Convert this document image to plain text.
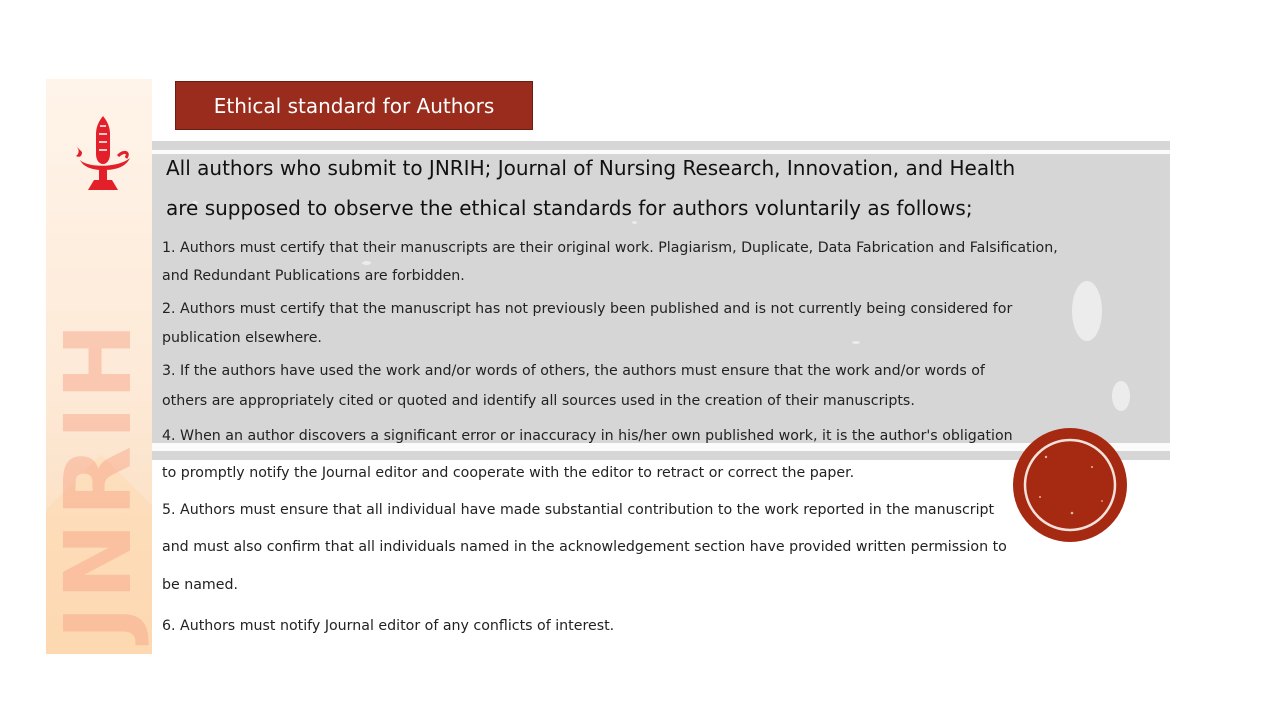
JNRIH
Ethical standard for Authors

All authors who submit to JNRIH; Journal of Nursing Research, Innovation, and Health

are supposed to observe the ethical standards for authors voluntarily as follows;

1. Authors must certify that their manuscripts are their original work. Plagiarism, Duplicate, Data Fabrication and Falsification,
and Redundant Publications are forbidden.
2. Authors must certify that the manuscript has not previously been published and is not currently being considered for
publication elsewhere.
3. If the authors have used the work and/or words of others, the authors must ensure that the work and/or words of
others are appropriately cited or quoted and identify all sources used in the creation of their manuscripts.
4. When an author discovers a significant error or inaccuracy in his/her own published work, it is the author's obligation
to promptly notify the Journal editor and cooperate with the editor to retract or correct the paper.
5. Authors must ensure that all individual have made substantial contribution to the work reported in the manuscript
and must also confirm that all individuals named in the acknowledgement section have provided written permission to
be named.
6. Authors must notify Journal editor of any conflicts of interest.
